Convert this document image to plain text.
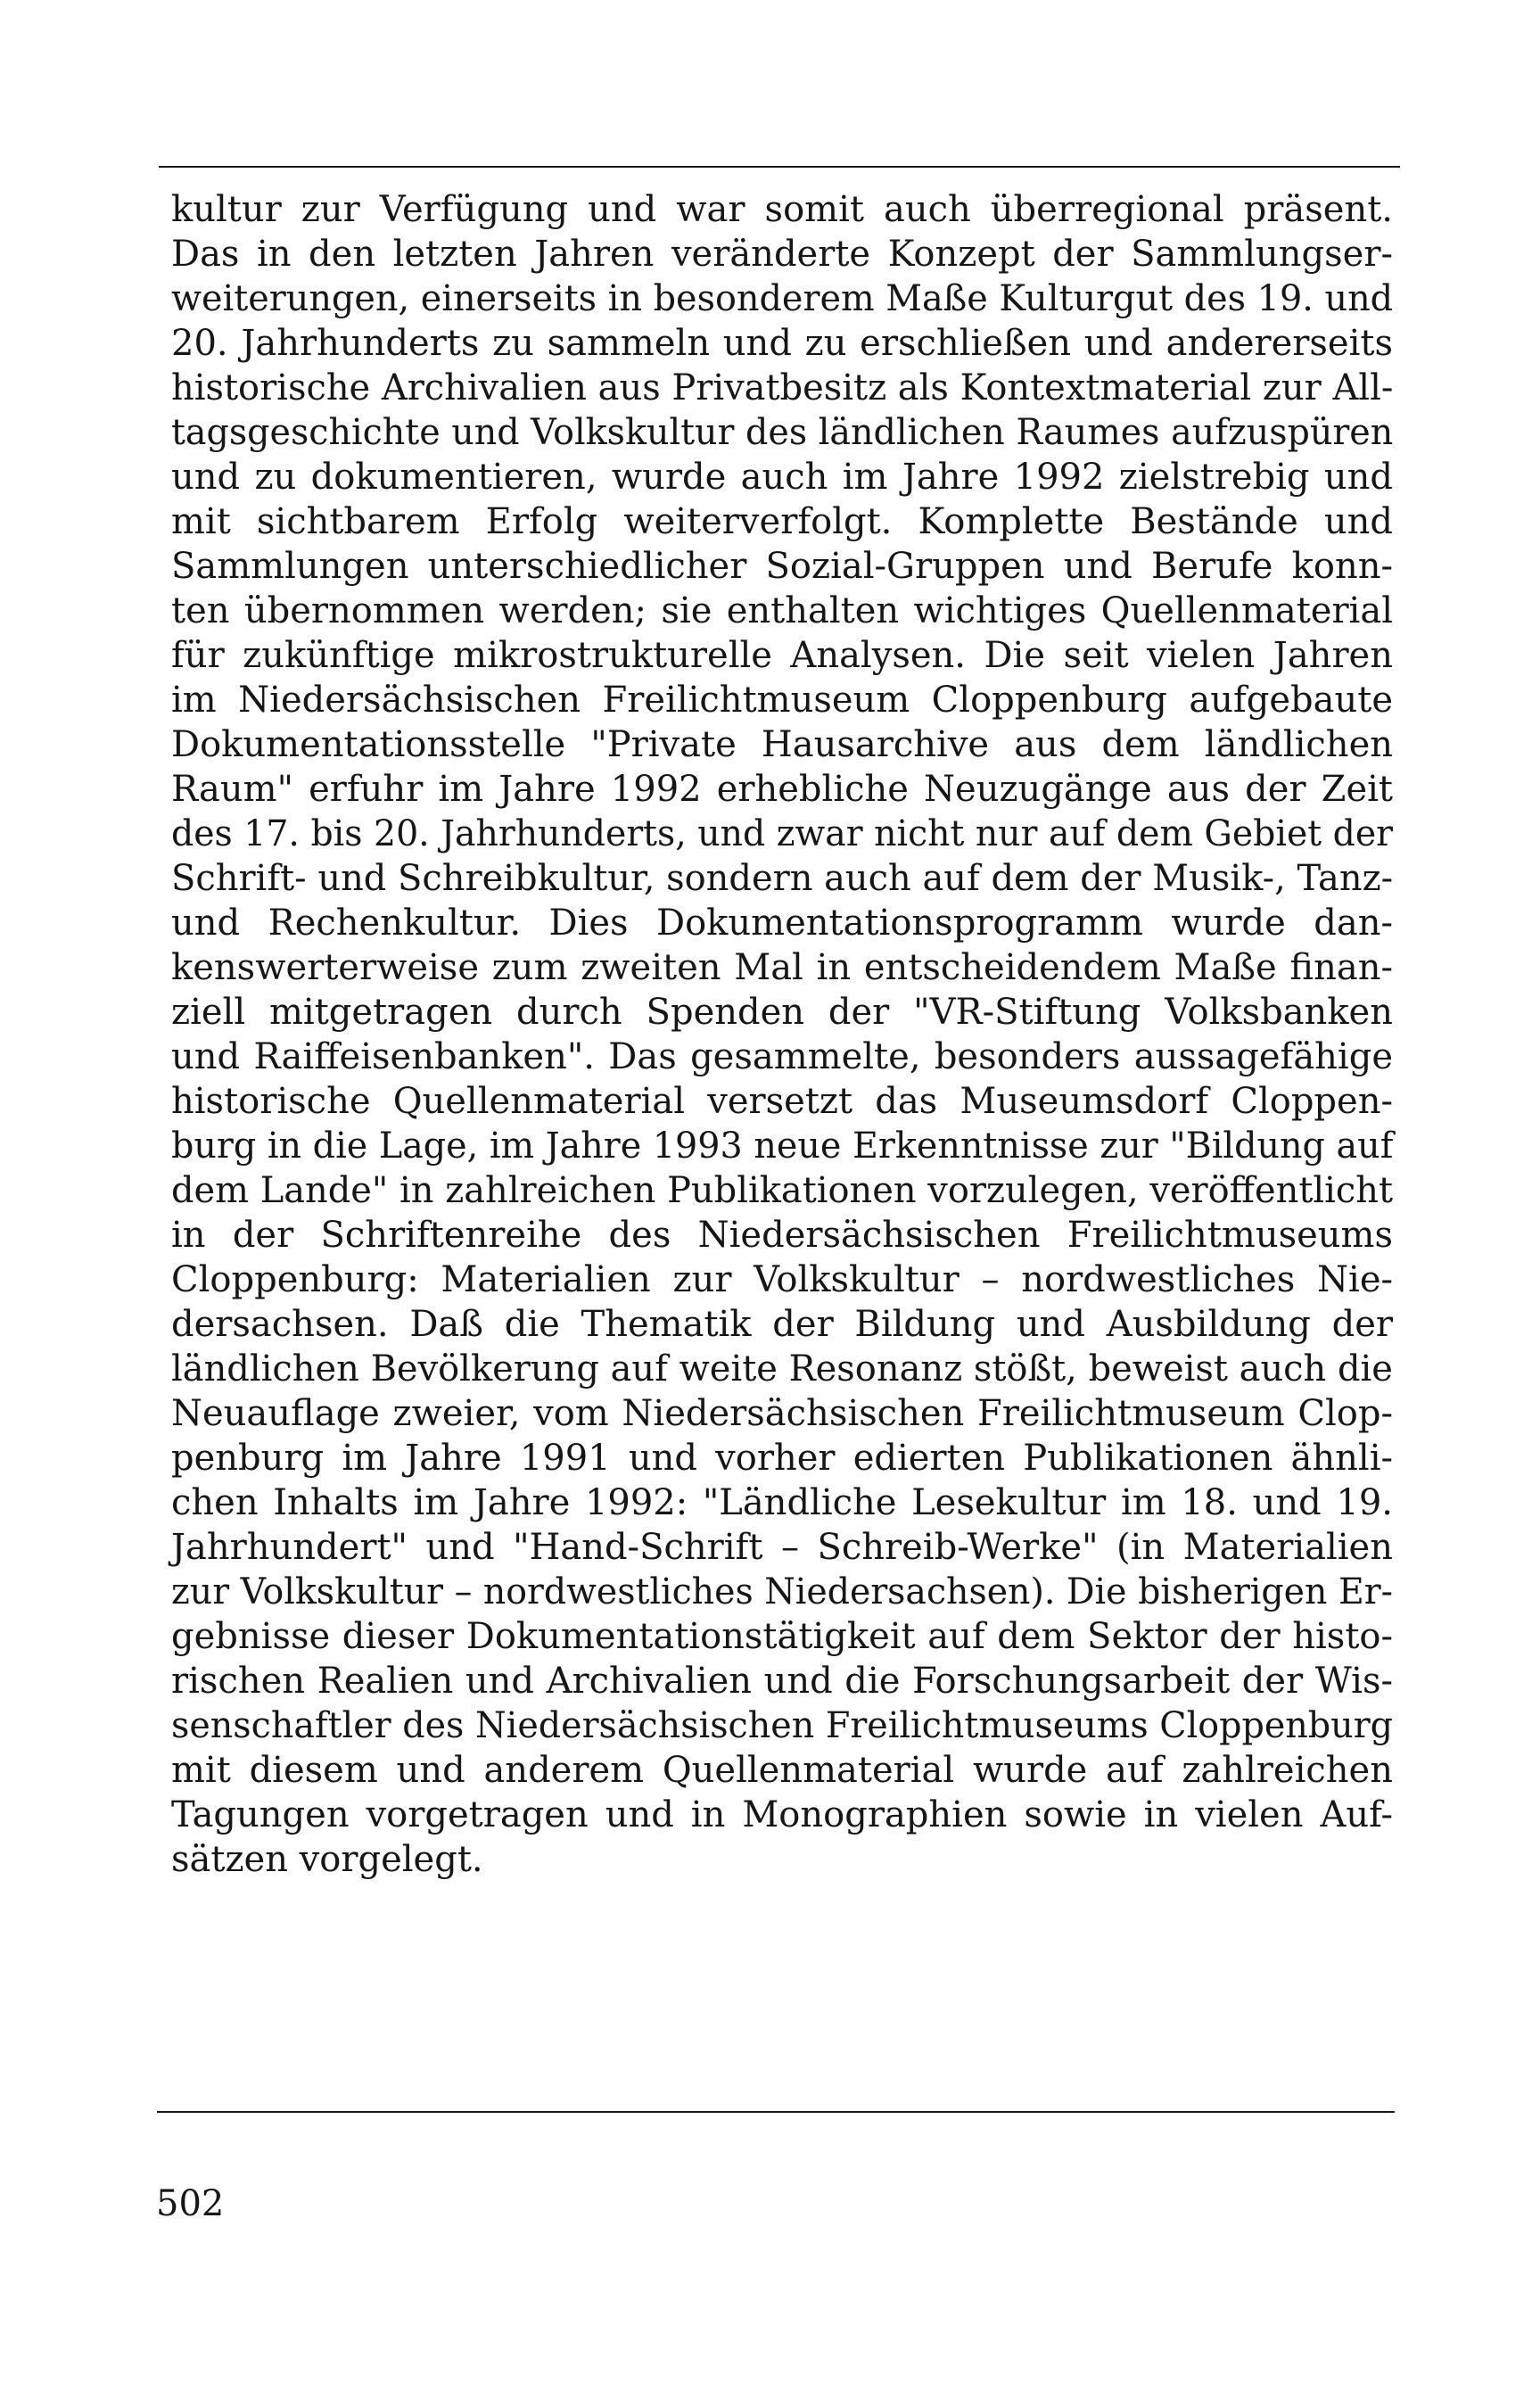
kultur zur Verfügung und war somit auch überregional präsent.
Das in den letzten Jahren veränderte Konzept der Sammlungser-
weiterungen, einerseits in besonderem Maße Kulturgut des 19. und
20. Jahrhunderts zu sammeln und zu erschließen und andererseits
historische Archivalien aus Privatbesitz als Kontextmaterial zur All-
tagsgeschichte und Volkskultur des ländlichen Raumes aufzuspüren
und zu dokumentieren, wurde auch im Jahre 1992 zielstrebig und
mit sichtbarem Erfolg weiterverfolgt. Komplette Bestände und
Sammlungen unterschiedlicher Sozial-Gruppen und Berufe konn-
ten übernommen werden; sie enthalten wichtiges Quellenmaterial
für zukünftige mikrostrukturelle Analysen. Die seit vielen Jahren
im Niedersächsischen Freilichtmuseum Cloppenburg aufgebaute
Dokumentationsstelle "Private Hausarchive aus dem ländlichen
Raum" erfuhr im Jahre 1992 erhebliche Neuzugänge aus der Zeit
des 17. bis 20. Jahrhunderts, und zwar nicht nur auf dem Gebiet der
Schrift- und Schreibkultur, sondern auch auf dem der Musik-, Tanz-
und Rechenkultur. Dies Dokumentationsprogramm wurde dan-
kenswerterweise zum zweiten Mal in entscheidendem Maße finan-
ziell mitgetragen durch Spenden der "VR-Stiftung Volksbanken
und Raiffeisenbanken". Das gesammelte, besonders aussagefähige
historische Quellenmaterial versetzt das Museumsdorf Cloppen-
burg in die Lage, im Jahre 1993 neue Erkenntnisse zur "Bildung auf
dem Lande" in zahlreichen Publikationen vorzulegen, veröffentlicht
in der Schriftenreihe des Niedersächsischen Freilichtmuseums
Cloppenburg: Materialien zur Volkskultur – nordwestliches Nie-
dersachsen. Daß die Thematik der Bildung und Ausbildung der
ländlichen Bevölkerung auf weite Resonanz stößt, beweist auch die
Neuauflage zweier, vom Niedersächsischen Freilichtmuseum Clop-
penburg im Jahre 1991 und vorher edierten Publikationen ähnli-
chen Inhalts im Jahre 1992: "Ländliche Lesekultur im 18. und 19.
Jahrhundert" und "Hand-Schrift – Schreib-Werke" (in Materialien
zur Volkskultur – nordwestliches Niedersachsen). Die bisherigen Er-
gebnisse dieser Dokumentationstätigkeit auf dem Sektor der histo-
rischen Realien und Archivalien und die Forschungsarbeit der Wis-
senschaftler des Niedersächsischen Freilichtmuseums Cloppenburg
mit diesem und anderem Quellenmaterial wurde auf zahlreichen
Tagungen vorgetragen und in Monographien sowie in vielen Auf-
sätzen vorgelegt.
502
